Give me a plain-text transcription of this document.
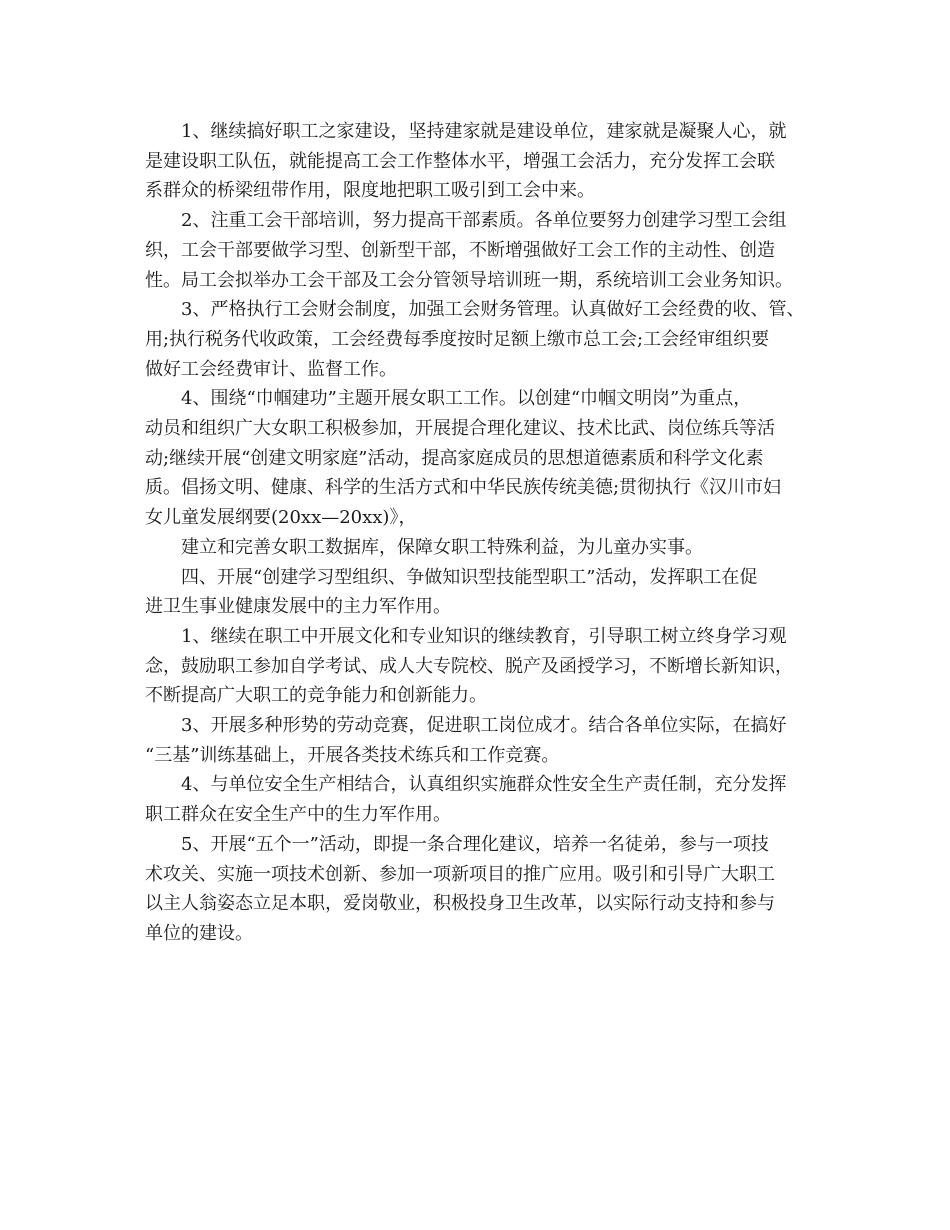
1、继续搞好职工之家建设，坚持建家就是建设单位，建家就是凝聚人心，就
是建设职工队伍，就能提高工会工作整体水平，增强工会活力，充分发挥工会联
系群众的桥梁纽带作用，限度地把职工吸引到工会中来。

2、注重工会干部培训，努力提高干部素质。各单位要努力创建学习型工会组
织，工会干部要做学习型、创新型干部，不断增强做好工会工作的主动性、创造
性。局工会拟举办工会干部及工会分管领导培训班一期，系统培训工会业务知识。

3、严格执行工会财会制度，加强工会财务管理。认真做好工会经费的收、管、
用;执行税务代收政策，工会经费每季度按时足额上缴市总工会;工会经审组织要
做好工会经费审计、监督工作。

4、围绕“巾帼建功”主题开展女职工工作。以创建“巾帼文明岗”为重点，
动员和组织广大女职工积极参加，开展提合理化建议、技术比武、岗位练兵等活
动;继续开展“创建文明家庭”活动，提高家庭成员的思想道德素质和科学文化素
质。倡扬文明、健康、科学的生活方式和中华民族传统美德;贯彻执行《汉川市妇
女儿童发展纲要(20xx—20xx)》，

建立和完善女职工数据库，保障女职工特殊利益，为儿童办实事。

四、开展“创建学习型组织、争做知识型技能型职工”活动，发挥职工在促
进卫生事业健康发展中的主力军作用。

1、继续在职工中开展文化和专业知识的继续教育，引导职工树立终身学习观
念，鼓励职工参加自学考试、成人大专院校、脱产及函授学习，不断增长新知识，
不断提高广大职工的竞争能力和创新能力。

3、开展多种形势的劳动竞赛，促进职工岗位成才。结合各单位实际，在搞好
“三基”训练基础上，开展各类技术练兵和工作竞赛。

4、与单位安全生产相结合，认真组织实施群众性安全生产责任制，充分发挥
职工群众在安全生产中的生力军作用。

5、开展“五个一”活动，即提一条合理化建议，培养一名徒弟，参与一项技
术攻关、实施一项技术创新、参加一项新项目的推广应用。吸引和引导广大职工
以主人翁姿态立足本职，爱岗敬业，积极投身卫生改革，以实际行动支持和参与
单位的建设。
